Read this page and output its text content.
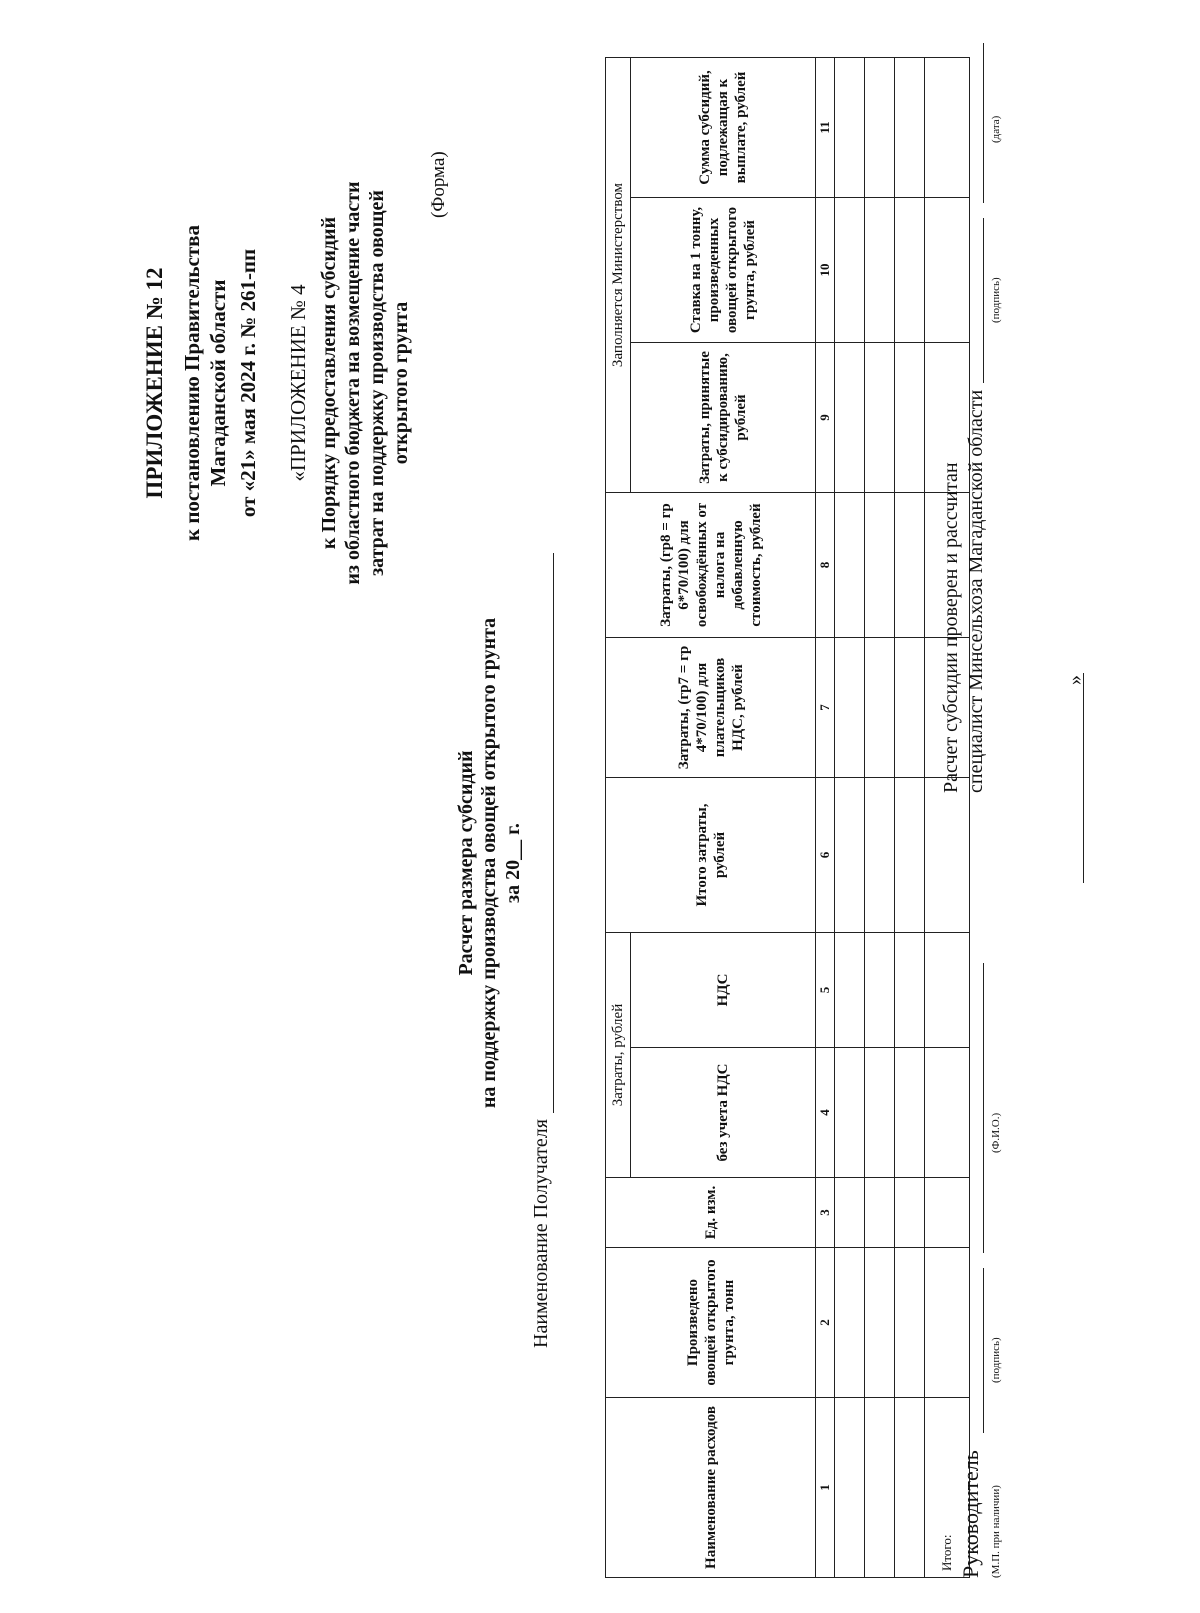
ПРИЛОЖЕНИЕ № 12 к постановлению Правительства Магаданской области от «21» мая 2024 г. № 261-пп «ПРИЛОЖЕНИЕ № 4 к Порядку предоставления субсидий из областного бюджета на возмещение части затрат на поддержку производства овощей открытого грунта
(Форма)
Расчет размера субсидий на поддержку производства овощей открытого грунта за 20__ г.
Наименование Получателя
Наименование расходов	Произведено овощей открытого грунта, тонн	Ед. изм.	Затраты, рублей		Итого затраты, рублей	Затраты, (гр7 = гр 4*70/100) для плательщиков НДС, рублей	Затраты, (гр8 = гр 6*70/100) для освобождённых от налога на добавленную стоимость, рублей	Заполняется Министерством		
			без учета НДС	НДС				Затраты, принятые к субсидированию, рублей	Ставка на 1 тонну, произведенных овощей открытого грунта, рублей	Сумма субсидий, подлежащая к выплате, рублей
1	2	3	4	5	6	7	8	9	10	11

Итого:										Руководитель (М.П. при наличии)
(подпись)
(Ф.И.О.)
Расчет субсидии проверен и рассчитан специалист Минсельхоза Магаданской области
(подпись)
(дата)
»
